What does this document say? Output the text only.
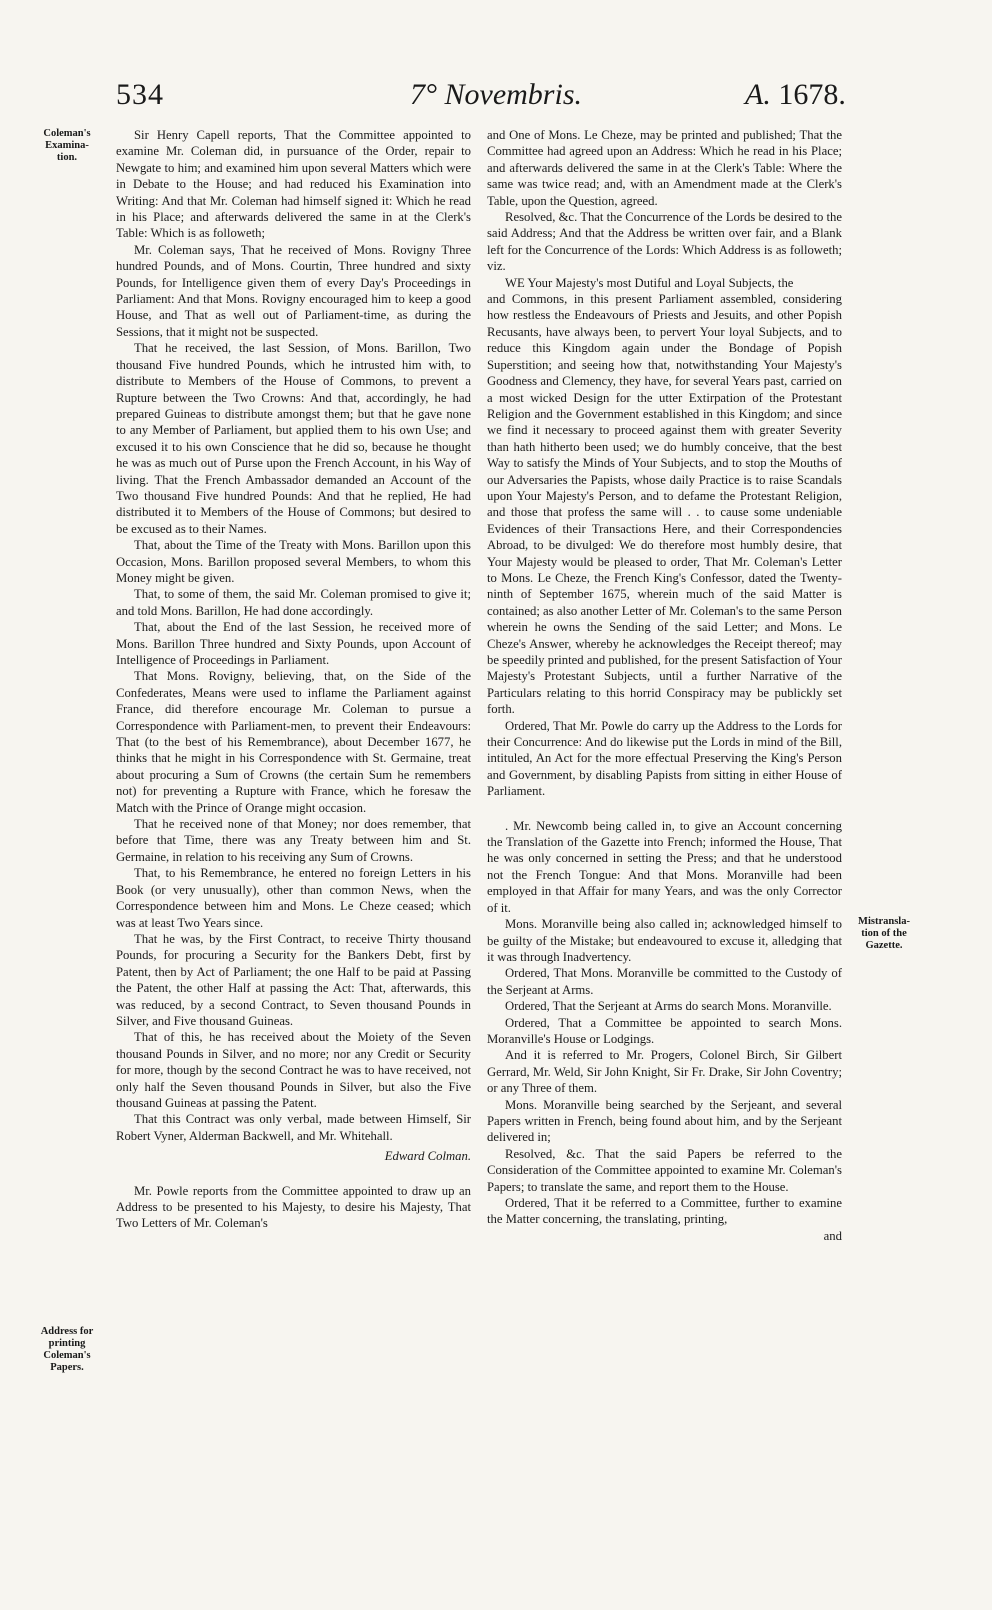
534	7° Novembris.	A. 1678.
Coleman's Examina-tion.
Address for printing Coleman's Papers.
Mistransla-tion of the Gazette.

Sir Henry Capell reports, That the Committee appointed to examine Mr. Coleman did, in pursuance of the Order, repair to Newgate to him; and examined him upon several Matters which were in Debate to the House; and had reduced his Examination into Writing: And that Mr. Coleman had himself signed it: Which he read in his Place; and afterwards delivered the same in at the Clerk's Table: Which is as followeth;

Mr. Coleman says, That he received of Mons. Rovigny Three hundred Pounds, and of Mons. Courtin, Three hundred and sixty Pounds, for Intelligence given them of every Day's Proceedings in Parliament: And that Mons. Rovigny encouraged him to keep a good House, and That as well out of Parliament-time, as during the Sessions, that it might not be suspected.

That he received, the last Session, of Mons. Barillon, Two thousand Five hundred Pounds, which he intrusted him with, to distribute to Members of the House of Commons, to prevent a Rupture between the Two Crowns: And that, accordingly, he had prepared Guineas to distribute amongst them; but that he gave none to any Member of Parliament, but applied them to his own Use; and excused it to his own Conscience that he did so, because he thought he was as much out of Purse upon the French Account, in his Way of living. That the French Ambassador demanded an Account of the Two thousand Five hundred Pounds: And that he replied, He had distributed it to Members of the House of Commons; but desired to be excused as to their Names.

That, about the Time of the Treaty with Mons. Barillon upon this Occasion, Mons. Barillon proposed several Members, to whom this Money might be given.

That, to some of them, the said Mr. Coleman promised to give it; and told Mons. Barillon, He had done accordingly.

That, about the End of the last Session, he received more of Mons. Barillon Three hundred and Sixty Pounds, upon Account of Intelligence of Proceedings in Parliament.

That Mons. Rovigny, believing, that, on the Side of the Confederates, Means were used to inflame the Parliament against France, did therefore encourage Mr. Coleman to pursue a Correspondence with Parliament-men, to prevent their Endeavours: That (to the best of his Remembrance), about December 1677, he thinks that he might in his Correspondence with St. Germaine, treat about procuring a Sum of Crowns (the certain Sum he remembers not) for preventing a Rupture with France, which he foresaw the Match with the Prince of Orange might occasion.

That he received none of that Money; nor does remember, that before that Time, there was any Treaty between him and St. Germaine, in relation to his receiving any Sum of Crowns.

That, to his Remembrance, he entered no foreign Letters in his Book (or very unusually), other than common News, when the Correspondence between him and Mons. Le Cheze ceased; which was at least Two Years since.

That he was, by the First Contract, to receive Thirty thousand Pounds, for procuring a Security for the Bankers Debt, first by Patent, then by Act of Parliament; the one Half to be paid at Passing the Patent, the other Half at passing the Act: That, afterwards, this was reduced, by a second Contract, to Seven thousand Pounds in Silver, and Five thousand Guineas.

That of this, he has received about the Moiety of the Seven thousand Pounds in Silver, and no more; nor any Credit or Security for more, though by the second Contract he was to have received, not only half the Seven thousand Pounds in Silver, but also the Five thousand Guineas at passing the Patent.

That this Contract was only verbal, made between Himself, Sir Robert Vyner, Alderman Backwell, and Mr. Whitehall.

Edward Colman.

Mr. Powle reports from the Committee appointed to draw up an Address to be presented to his Majesty, to desire his Majesty, That Two Letters of Mr. Coleman's

and One of Mons. Le Cheze, may be printed and published; That the Committee had agreed upon an Address: Which he read in his Place; and afterwards delivered the same in at the Clerk's Table: Where the same was twice read; and, with an Amendment made at the Clerk's Table, upon the Question, agreed.

Resolved, &c. That the Concurrence of the Lords be desired to the said Address; And that the Address be written over fair, and a Blank left for the Concurrence of the Lords: Which Address is as followeth; viz.

WE Your Majesty's most Dutiful and Loyal Subjects, the

and Commons, in this present Parliament assembled, considering how restless the Endeavours of Priests and Jesuits, and other Popish Recusants, have always been, to pervert Your loyal Subjects, and to reduce this Kingdom again under the Bondage of Popish Superstition; and seeing how that, notwithstanding Your Majesty's Goodness and Clemency, they have, for several Years past, carried on a most wicked Design for the utter Extirpation of the Protestant Religion and the Government established in this Kingdom; and since we find it necessary to proceed against them with greater Severity than hath hitherto been used; we do humbly conceive, that the best Way to satisfy the Minds of Your Subjects, and to stop the Mouths of our Adversaries the Papists, whose daily Practice is to raise Scandals upon Your Majesty's Person, and to defame the Protestant Religion, and those that profess the same will . . to cause some undeniable Evidences of their Transactions Here, and their Correspondencies Abroad, to be divulged: We do therefore most humbly desire, that Your Majesty would be pleased to order, That Mr. Coleman's Letter to Mons. Le Cheze, the French King's Confessor, dated the Twenty-ninth of September 1675, wherein much of the said Matter is contained; as also another Letter of Mr. Coleman's to the same Person wherein he owns the Sending of the said Letter; and Mons. Le Cheze's Answer, whereby he acknowledges the Receipt thereof; may be speedily printed and published, for the present Satisfaction of Your Majesty's Protestant Subjects, until a further Narrative of the Particulars relating to this horrid Conspiracy may be publickly set forth.

Ordered, That Mr. Powle do carry up the Address to the Lords for their Concurrence: And do likewise put the Lords in mind of the Bill, intituled, An Act for the more effectual Preserving the King's Person and Government, by disabling Papists from sitting in either House of Parliament.

. Mr. Newcomb being called in, to give an Account concerning the Translation of the Gazette into French; informed the House, That he was only concerned in setting the Press; and that he understood not the French Tongue: And that Mons. Moranville had been employed in that Affair for many Years, and was the only Corrector of it.

Mons. Moranville being also called in; acknowledged himself to be guilty of the Mistake; but endeavoured to excuse it, alledging that it was through Inadvertency.

Ordered, That Mons. Moranville be committed to the Custody of the Serjeant at Arms.

Ordered, That the Serjeant at Arms do search Mons. Moranville.

Ordered, That a Committee be appointed to search Mons. Moranville's House or Lodgings.

And it is referred to Mr. Progers, Colonel Birch, Sir Gilbert Gerrard, Mr. Weld, Sir John Knight, Sir Fr. Drake, Sir John Coventry; or any Three of them.

Mons. Moranville being searched by the Serjeant, and several Papers written in French, being found about him, and by the Serjeant delivered in;

Resolved, &c. That the said Papers be referred to the Consideration of the Committee appointed to examine Mr. Coleman's Papers; to translate the same, and report them to the House.

Ordered, That it be referred to a Committee, further to examine the Matter concerning, the translating, printing,

and
